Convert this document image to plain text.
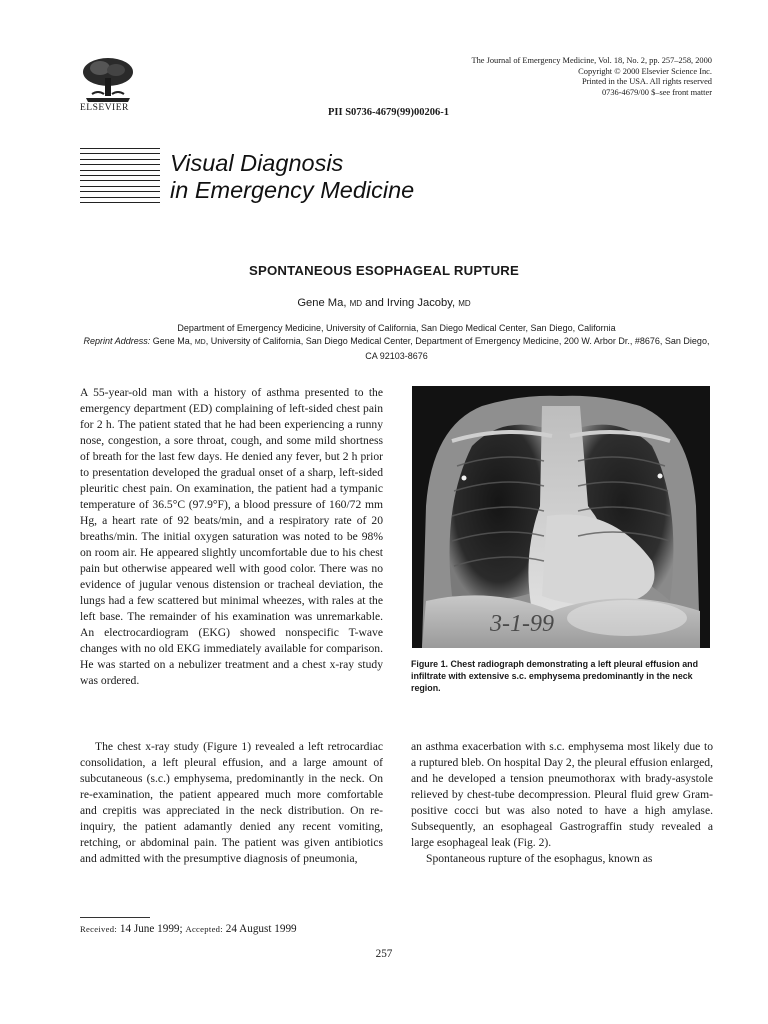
ELSEVIER
The Journal of Emergency Medicine, Vol. 18, No. 2, pp. 257–258, 2000
Copyright © 2000 Elsevier Science Inc.
Printed in the USA. All rights reserved
0736-4679/00 $–see front matter
PII S0736-4679(99)00206-1
Visual Diagnosis
in Emergency Medicine
SPONTANEOUS ESOPHAGEAL RUPTURE
Gene Ma, MD and Irving Jacoby, MD
Department of Emergency Medicine, University of California, San Diego Medical Center, San Diego, California
Reprint Address: Gene Ma, MD, University of California, San Diego Medical Center, Department of Emergency Medicine, 200 W. Arbor Dr., #8676, San Diego, CA 92103-8676

A 55-year-old man with a history of asthma presented to the emergency department (ED) complaining of left-sided chest pain for 2 h. The patient stated that he had been experiencing a runny nose, congestion, a sore throat, cough, and some mild shortness of breath for the last few days. He denied any fever, but 2 h prior to presentation developed the gradual onset of a sharp, left-sided pleuritic chest pain. On examination, the patient had a tympanic temperature of 36.5°C (97.9°F), a blood pressure of 160/72 mm Hg, a heart rate of 92 beats/min, and a respiratory rate of 20 breaths/min. The initial oxygen saturation was noted to be 98% on room air. He appeared slightly uncomfortable due to his chest pain but otherwise appeared well with good color. There was no evidence of jugular venous distension or tracheal deviation, the lungs had a few scattered but minimal wheezes, with rales at the left base. The remainder of his examination was unremarkable. An electrocardiogram (EKG) showed nonspecific T-wave changes with no old EKG immediately available for comparison. He was started on a nebulizer treatment and a chest x-ray study was ordered.

3-1-99
Figure 1. Chest radiograph demonstrating a left pleural effusion and infiltrate with extensive s.c. emphysema predominantly in the neck region.

The chest x-ray study (Figure 1) revealed a left retrocardiac consolidation, a left pleural effusion, and a large amount of subcutaneous (s.c.) emphysema, predominantly in the neck. On re-examination, the patient appeared much more comfortable and crepitis was appreciated in the neck distribution. On re-inquiry, the patient adamantly denied any recent vomiting, retching, or abdominal pain. The patient was given antibiotics and admitted with the presumptive diagnosis of pneumonia,

an asthma exacerbation with s.c. emphysema most likely due to a ruptured bleb. On hospital Day 2, the pleural effusion enlarged, and he developed a tension pneumothorax with brady-asystole relieved by chest-tube decompression. Pleural fluid grew Gram-positive cocci but was also noted to have a high amylase. Subsequently, an esophageal Gastrograffin study revealed a large esophageal leak (Fig. 2).

Spontaneous rupture of the esophagus, known as

Received: 14 June 1999; Accepted: 24 August 1999
257
